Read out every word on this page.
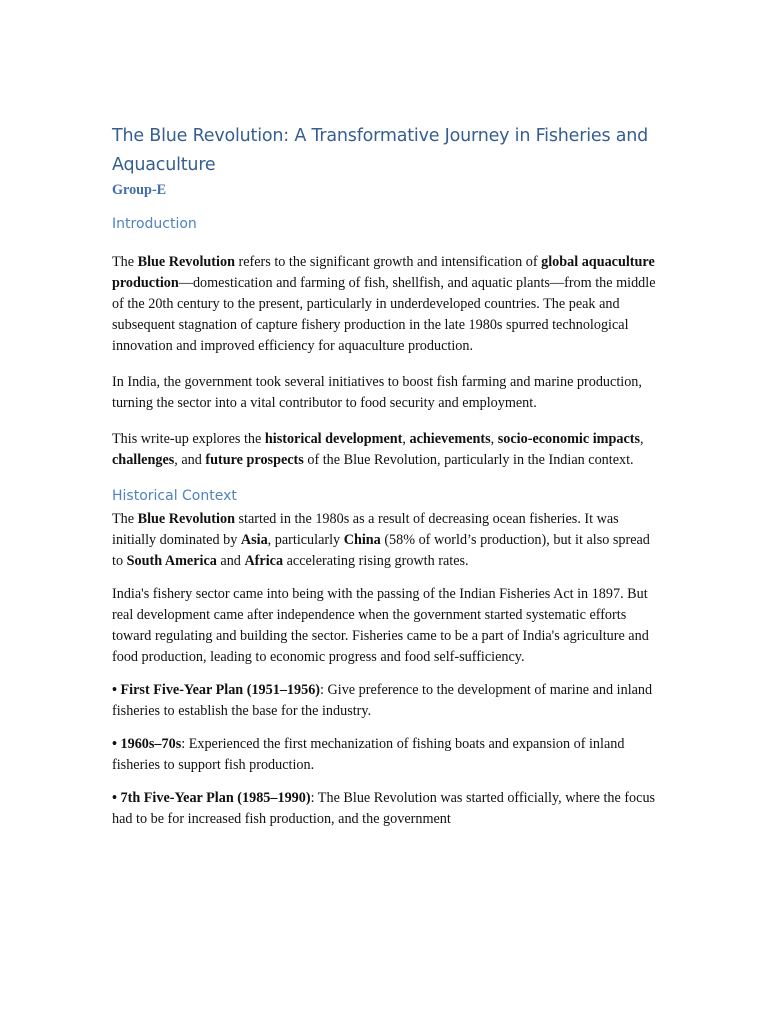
The Blue Revolution: A Transformative Journey in Fisheries and
Aquaculture
Group-E
Introduction

The Blue Revolution refers to the significant growth and intensification of global aquaculture production—domestication and farming of fish, shellfish, and aquatic plants—from the middle of the 20th century to the present, particularly in underdeveloped countries. The peak and subsequent stagnation of capture fishery production in the late 1980s spurred technological innovation and improved efficiency for aquaculture production.

In India, the government took several initiatives to boost fish farming and marine production, turning the sector into a vital contributor to food security and employment.

This write-up explores the historical development, achievements, socio-economic impacts, challenges, and future prospects of the Blue Revolution, particularly in the Indian context.

Historical Context

The Blue Revolution started in the 1980s as a result of decreasing ocean fisheries. It was initially dominated by Asia, particularly China (58% of world’s production), but it also spread to South America and Africa accelerating rising growth rates.

India's fishery sector came into being with the passing of the Indian Fisheries Act in 1897. But real development came after independence when the government started systematic efforts toward regulating and building the sector. Fisheries came to be a part of India's agriculture and food production, leading to economic progress and food self-sufficiency.

• First Five-Year Plan (1951–1956): Give preference to the development of marine and inland fisheries to establish the base for the industry.

• 1960s–70s: Experienced the first mechanization of fishing boats and expansion of inland fisheries to support fish production.

• 7th Five-Year Plan (1985–1990): The Blue Revolution was started officially, where the focus had to be for increased fish production, and the government
